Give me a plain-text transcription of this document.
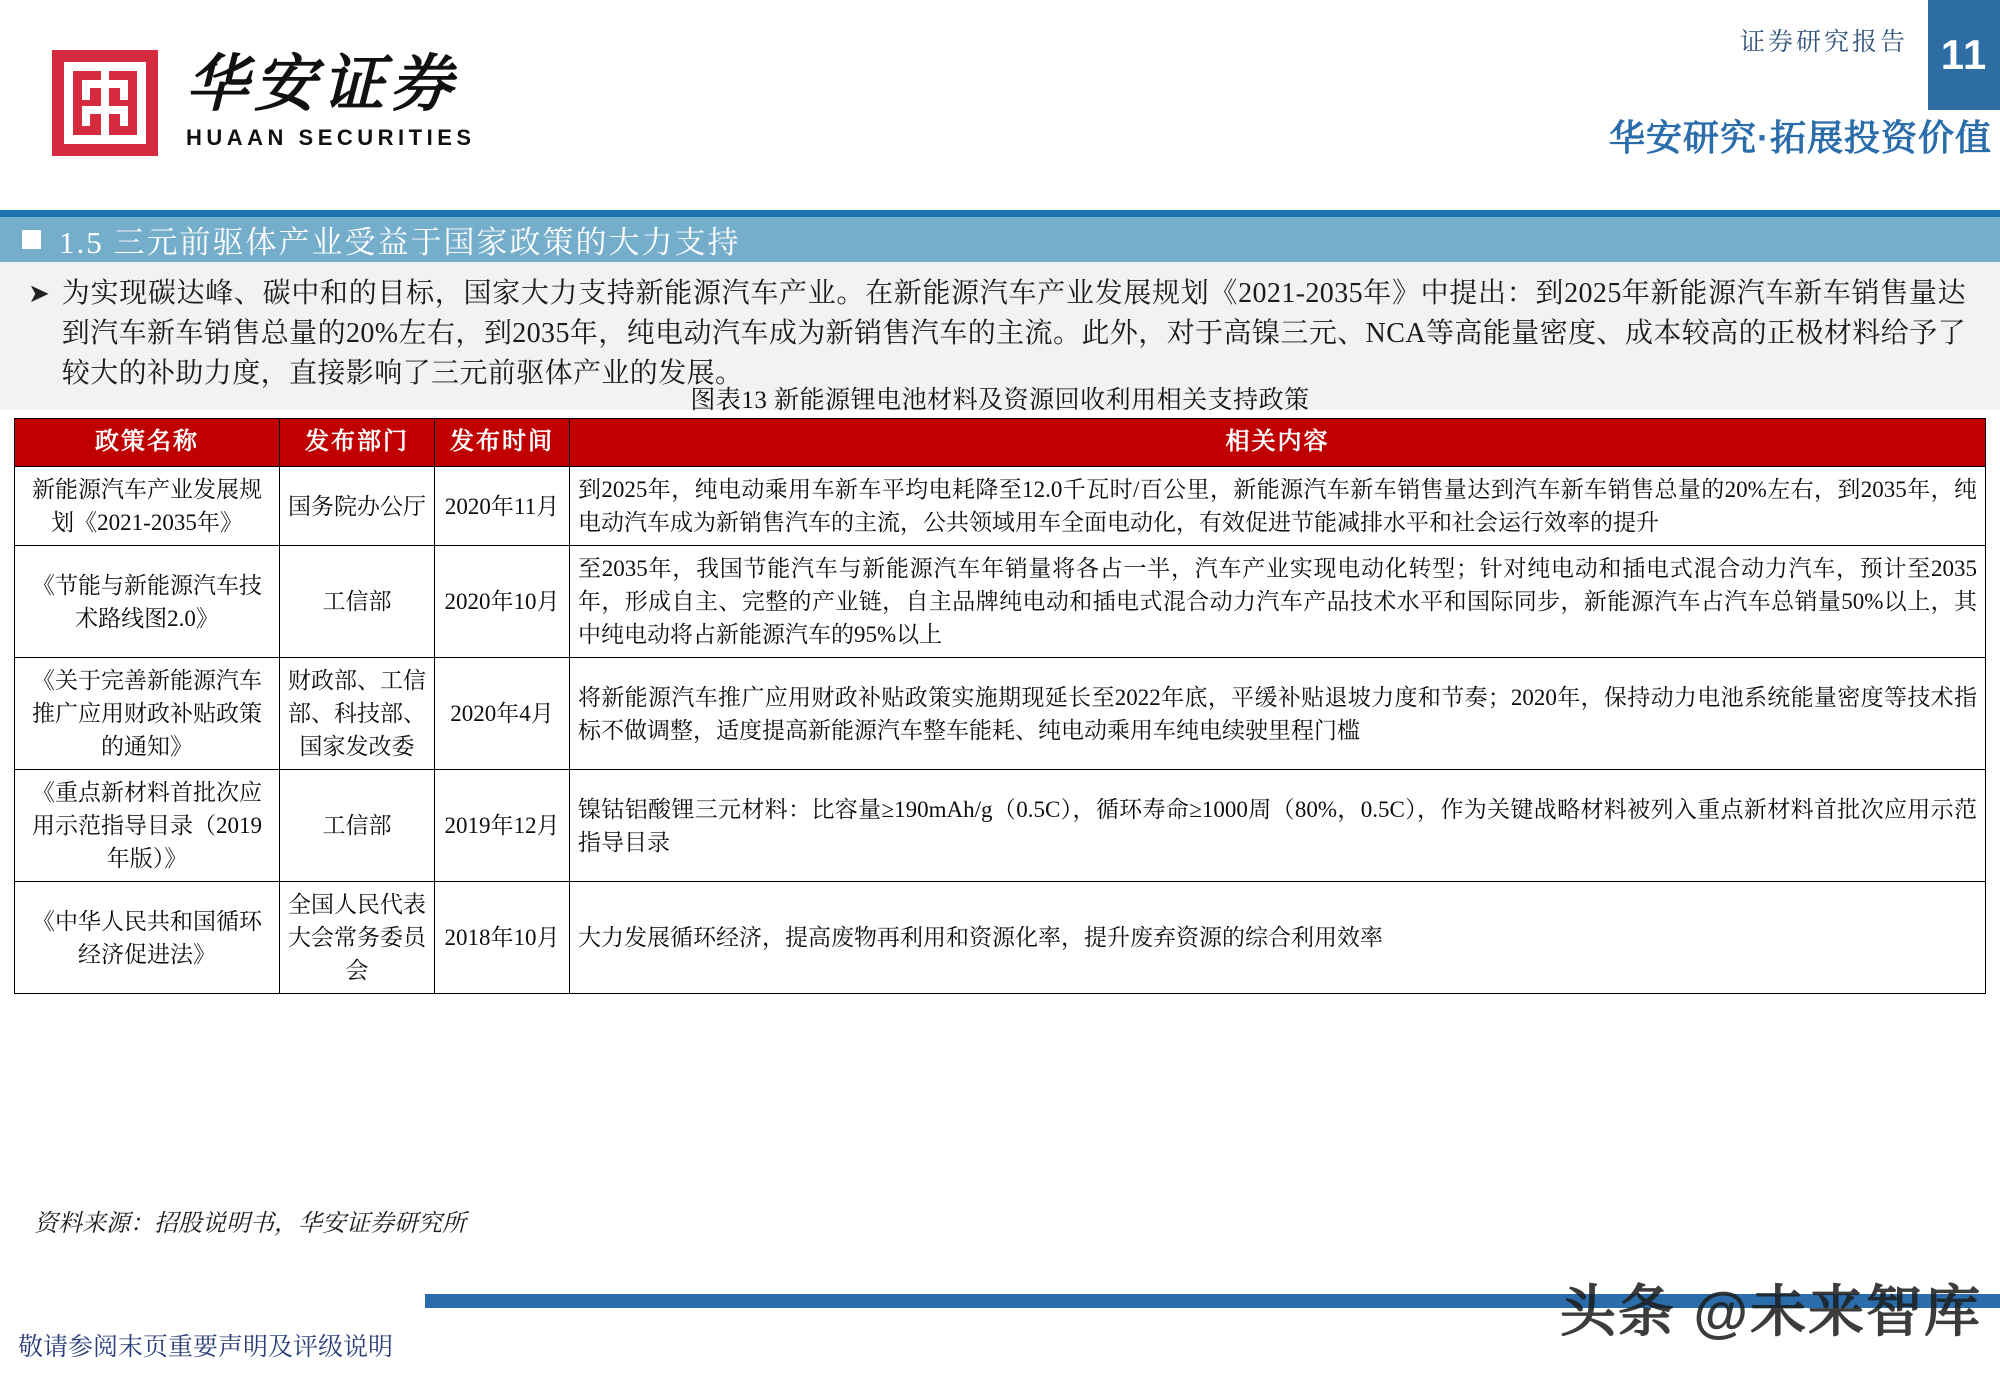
11
证券研究报告
华安研究·拓展投资价值
华安证券
HUAAN SECURITIES
1.5 三元前驱体产业受益于国家政策的大力支持
➤ 为实现碳达峰、碳中和的目标，国家大力支持新能源汽车产业。在新能源汽车产业发展规划《2021-2035年》中提出：到2025年新能源汽车新车销售量达到汽车新车销售总量的20%左右，到2035年，纯电动汽车成为新销售汽车的主流。此外，对于高镍三元、NCA等高能量密度、成本较高的正极材料给予了较大的补助力度，直接影响了三元前驱体产业的发展。
图表13 新能源锂电池材料及资源回收利用相关支持政策
政策名称	发布部门	发布时间	相关内容
新能源汽车产业发展规划《2021-2035年》	国务院办公厅	2020年11月	到2025年，纯电动乘用车新车平均电耗降至12.0千瓦时/百公里，新能源汽车新车销售量达到汽车新车销售总量的20%左右，到2035年，纯电动汽车成为新销售汽车的主流，公共领域用车全面电动化，有效促进节能减排水平和社会运行效率的提升
《节能与新能源汽车技术路线图2.0》	工信部	2020年10月	至2035年，我国节能汽车与新能源汽车年销量将各占一半，汽车产业实现电动化转型；针对纯电动和插电式混合动力汽车，预计至2035年，形成自主、完整的产业链，自主品牌纯电动和插电式混合动力汽车产品技术水平和国际同步，新能源汽车占汽车总销量50%以上，其中纯电动将占新能源汽车的95%以上
《关于完善新能源汽车推广应用财政补贴政策的通知》	财政部、工信部、科技部、国家发改委	2020年4月	将新能源汽车推广应用财政补贴政策实施期现延长至2022年底，平缓补贴退坡力度和节奏；2020年，保持动力电池系统能量密度等技术指标不做调整，适度提高新能源汽车整车能耗、纯电动乘用车纯电续驶里程门槛
《重点新材料首批次应用示范指导目录（2019年版）》	工信部	2019年12月	镍钴铝酸锂三元材料：比容量≥190mAh/g（0.5C），循环寿命≥1000周（80%，0.5C），作为关键战略材料被列入重点新材料首批次应用示范指导目录
《中华人民共和国循环经济促进法》	全国人民代表大会常务委员会	2018年10月	大力发展循环经济，提高废物再利用和资源化率，提升废弃资源的综合利用效率
资料来源：招股说明书，华安证券研究所
敬请参阅末页重要声明及评级说明
头条 @未来智库
